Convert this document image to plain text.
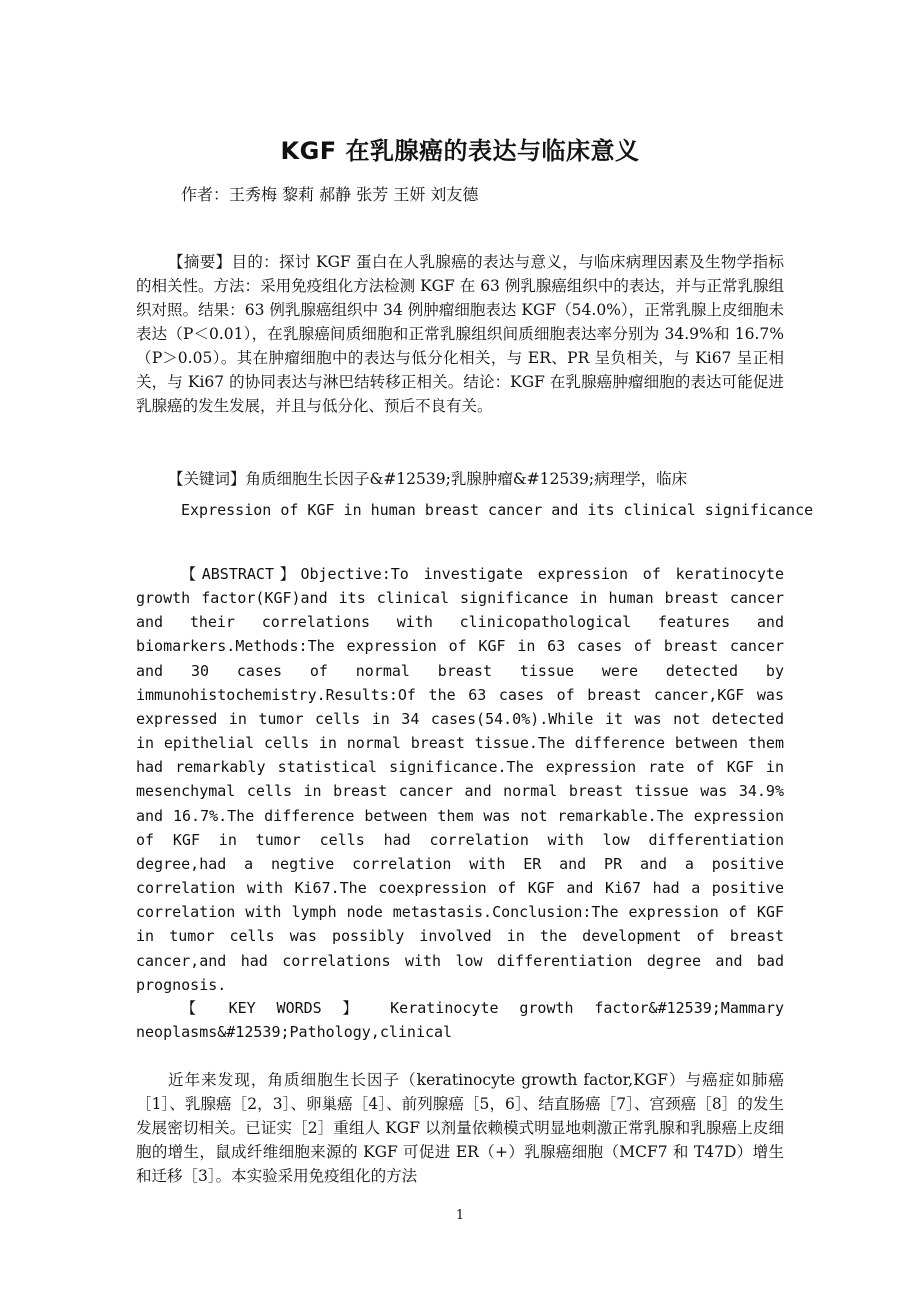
KGF 在乳腺癌的表达与临床意义
作者：王秀梅 黎莉 郝静 张芳 王妍 刘友德

【摘要】目的：探讨 KGF 蛋白在人乳腺癌的表达与意义，与临床病理因素及生物学指标的相关性。方法：采用免疫组化方法检测 KGF 在 63 例乳腺癌组织中的表达，并与正常乳腺组织对照。结果：63 例乳腺癌组织中 34 例肿瘤细胞表达 KGF（54.0%），正常乳腺上皮细胞未表达（P＜0.01），在乳腺癌间质细胞和正常乳腺组织间质细胞表达率分别为 34.9%和 16.7%（P＞0.05）。其在肿瘤细胞中的表达与低分化相关，与 ER、PR 呈负相关，与 Ki67 呈正相关，与 Ki67 的协同表达与淋巴结转移正相关。结论：KGF 在乳腺癌肿瘤细胞的表达可能促进乳腺癌的发生发展，并且与低分化、预后不良有关。

【关键词】角质细胞生长因子&#12539;乳腺肿瘤&#12539;病理学，临床

Expression of KGF in human breast cancer and its clinical significance

【ABSTRACT】Objective:To investigate expression of keratinocyte growth factor(KGF)and its clinical significance in human breast cancer and their correlations with clinicopathological features and biomarkers.Methods:The expression of KGF in 63 cases of breast cancer and 30 cases of normal breast tissue were detected by immunohistochemistry.Results:Of the 63 cases of breast cancer,KGF was expressed in tumor cells in 34 cases(54.0%).While it was not detected in epithelial cells in normal breast tissue.The difference between them had remarkably statistical significance.The expression rate of KGF in mesenchymal cells in breast cancer and normal breast tissue was 34.9% and 16.7%.The difference between them was not remarkable.The expression of KGF in tumor cells had correlation with low differentiation degree,had a negtive correlation with ER and PR and a positive correlation with Ki67.The coexpression of KGF and Ki67 had a positive correlation with lymph node metastasis.Conclusion:The expression of KGF in tumor cells was possibly involved in the development of breast cancer,and had correlations with low differentiation degree and bad prognosis.

【 KEY WORDS 】 Keratinocyte growth factor&#12539;Mammary neoplasms&#12539;Pathology,clinical

近年来发现，角质细胞生长因子（keratinocyte growth factor,KGF）与癌症如肺癌［1］、乳腺癌［2，3］、卵巢癌［4］、前列腺癌［5，6］、结直肠癌［7］、宫颈癌［8］的发生发展密切相关。已证实［2］重组人 KGF 以剂量依赖模式明显地刺激正常乳腺和乳腺癌上皮细胞的增生，鼠成纤维细胞来源的 KGF 可促进 ER（+）乳腺癌细胞（MCF7 和 T47D）增生和迁移［3］。本实验采用免疫组化的方法

1
